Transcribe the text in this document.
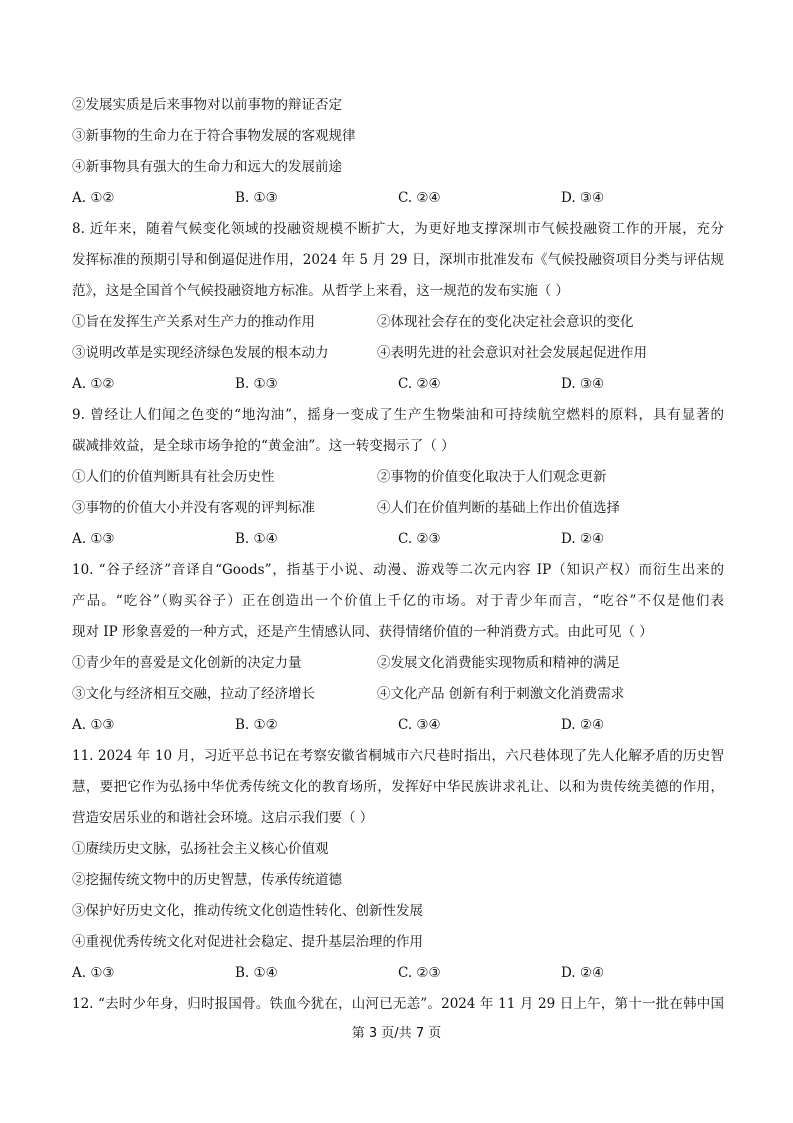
②发展实质是后来事物对以前事物的辩证否定
③新事物的生命力在于符合事物发展的客观规律
④新事物具有强大的生命力和远大的发展前途
A. ①②	B. ①③	C. ②④	D. ③④
8. 近年来，随着气候变化领域的投融资规模不断扩大，为更好地支撑深圳市气候投融资工作的开展，充分
发挥标准的预期引导和倒逼促进作用，2024 年 5 月 29 日，深圳市批准发布《气候投融资项目分类与评估规
范》，这是全国首个气候投融资地方标准。从哲学上来看，这一规范的发布实施（ ）
①旨在发挥生产关系对生产力的推动作用	②体现社会存在的变化决定社会意识的变化
③说明改革是实现经济绿色发展的根本动力	④表明先进的社会意识对社会发展起促进作用
A. ①②	B. ①③	C. ②④	D. ③④
9. 曾经让人们闻之色变的“地沟油”，摇身一变成了生产生物柴油和可持续航空燃料的原料，具有显著的
碳减排效益，是全球市场争抢的“黄金油”。这一转变揭示了（ ）
①人们的价值判断具有社会历史性	②事物的价值变化取决于人们观念更新
③事物的价值大小并没有客观的评判标准	④人们在价值判断的基础上作出价值选择
A. ①③	B. ①④	C. ②③	D. ②④
10. “谷子经济”音译自“Goods”，指基于小说、动漫、游戏等二次元内容 IP（知识产权）而衍生出来的
产品。“吃谷”（购买谷子）正在创造出一个价值上千亿的市场。对于青少年而言，“吃谷”不仅是他们表
现对 IP 形象喜爱的一种方式，还是产生情感认同、获得情绪价值的一种消费方式。由此可见（ ）
①青少年的喜爱是文化创新的决定力量	②发展文化消费能实现物质和精神的满足
③文化与经济相互交融，拉动了经济增长	④文化产品 创新有利于刺激文化消费需求
A. ①③	B. ①②	C. ③④	D. ②④
11. 2024 年 10 月，习近平总书记在考察安徽省桐城市六尺巷时指出，六尺巷体现了先人化解矛盾的历史智
慧，要把它作为弘扬中华优秀传统文化的教育场所，发挥好中华民族讲求礼让、以和为贵传统美德的作用，
营造安居乐业的和谐社会环境。这启示我们要（ ）
①赓续历史文脉，弘扬社会主义核心价值观
②挖掘传统文物中的历史智慧，传承传统道德
③保护好历史文化，推动传统文化创造性转化、创新性发展
④重视优秀传统文化对促进社会稳定、提升基层治理的作用
A. ①③	B. ①④	C. ②③	D. ②④
12. “去时少年身，归时报国骨。铁血今犹在，山河已无恙”。2024 年 11 月 29 日上午，第十一批在韩中国
第 3 页/共 7 页
